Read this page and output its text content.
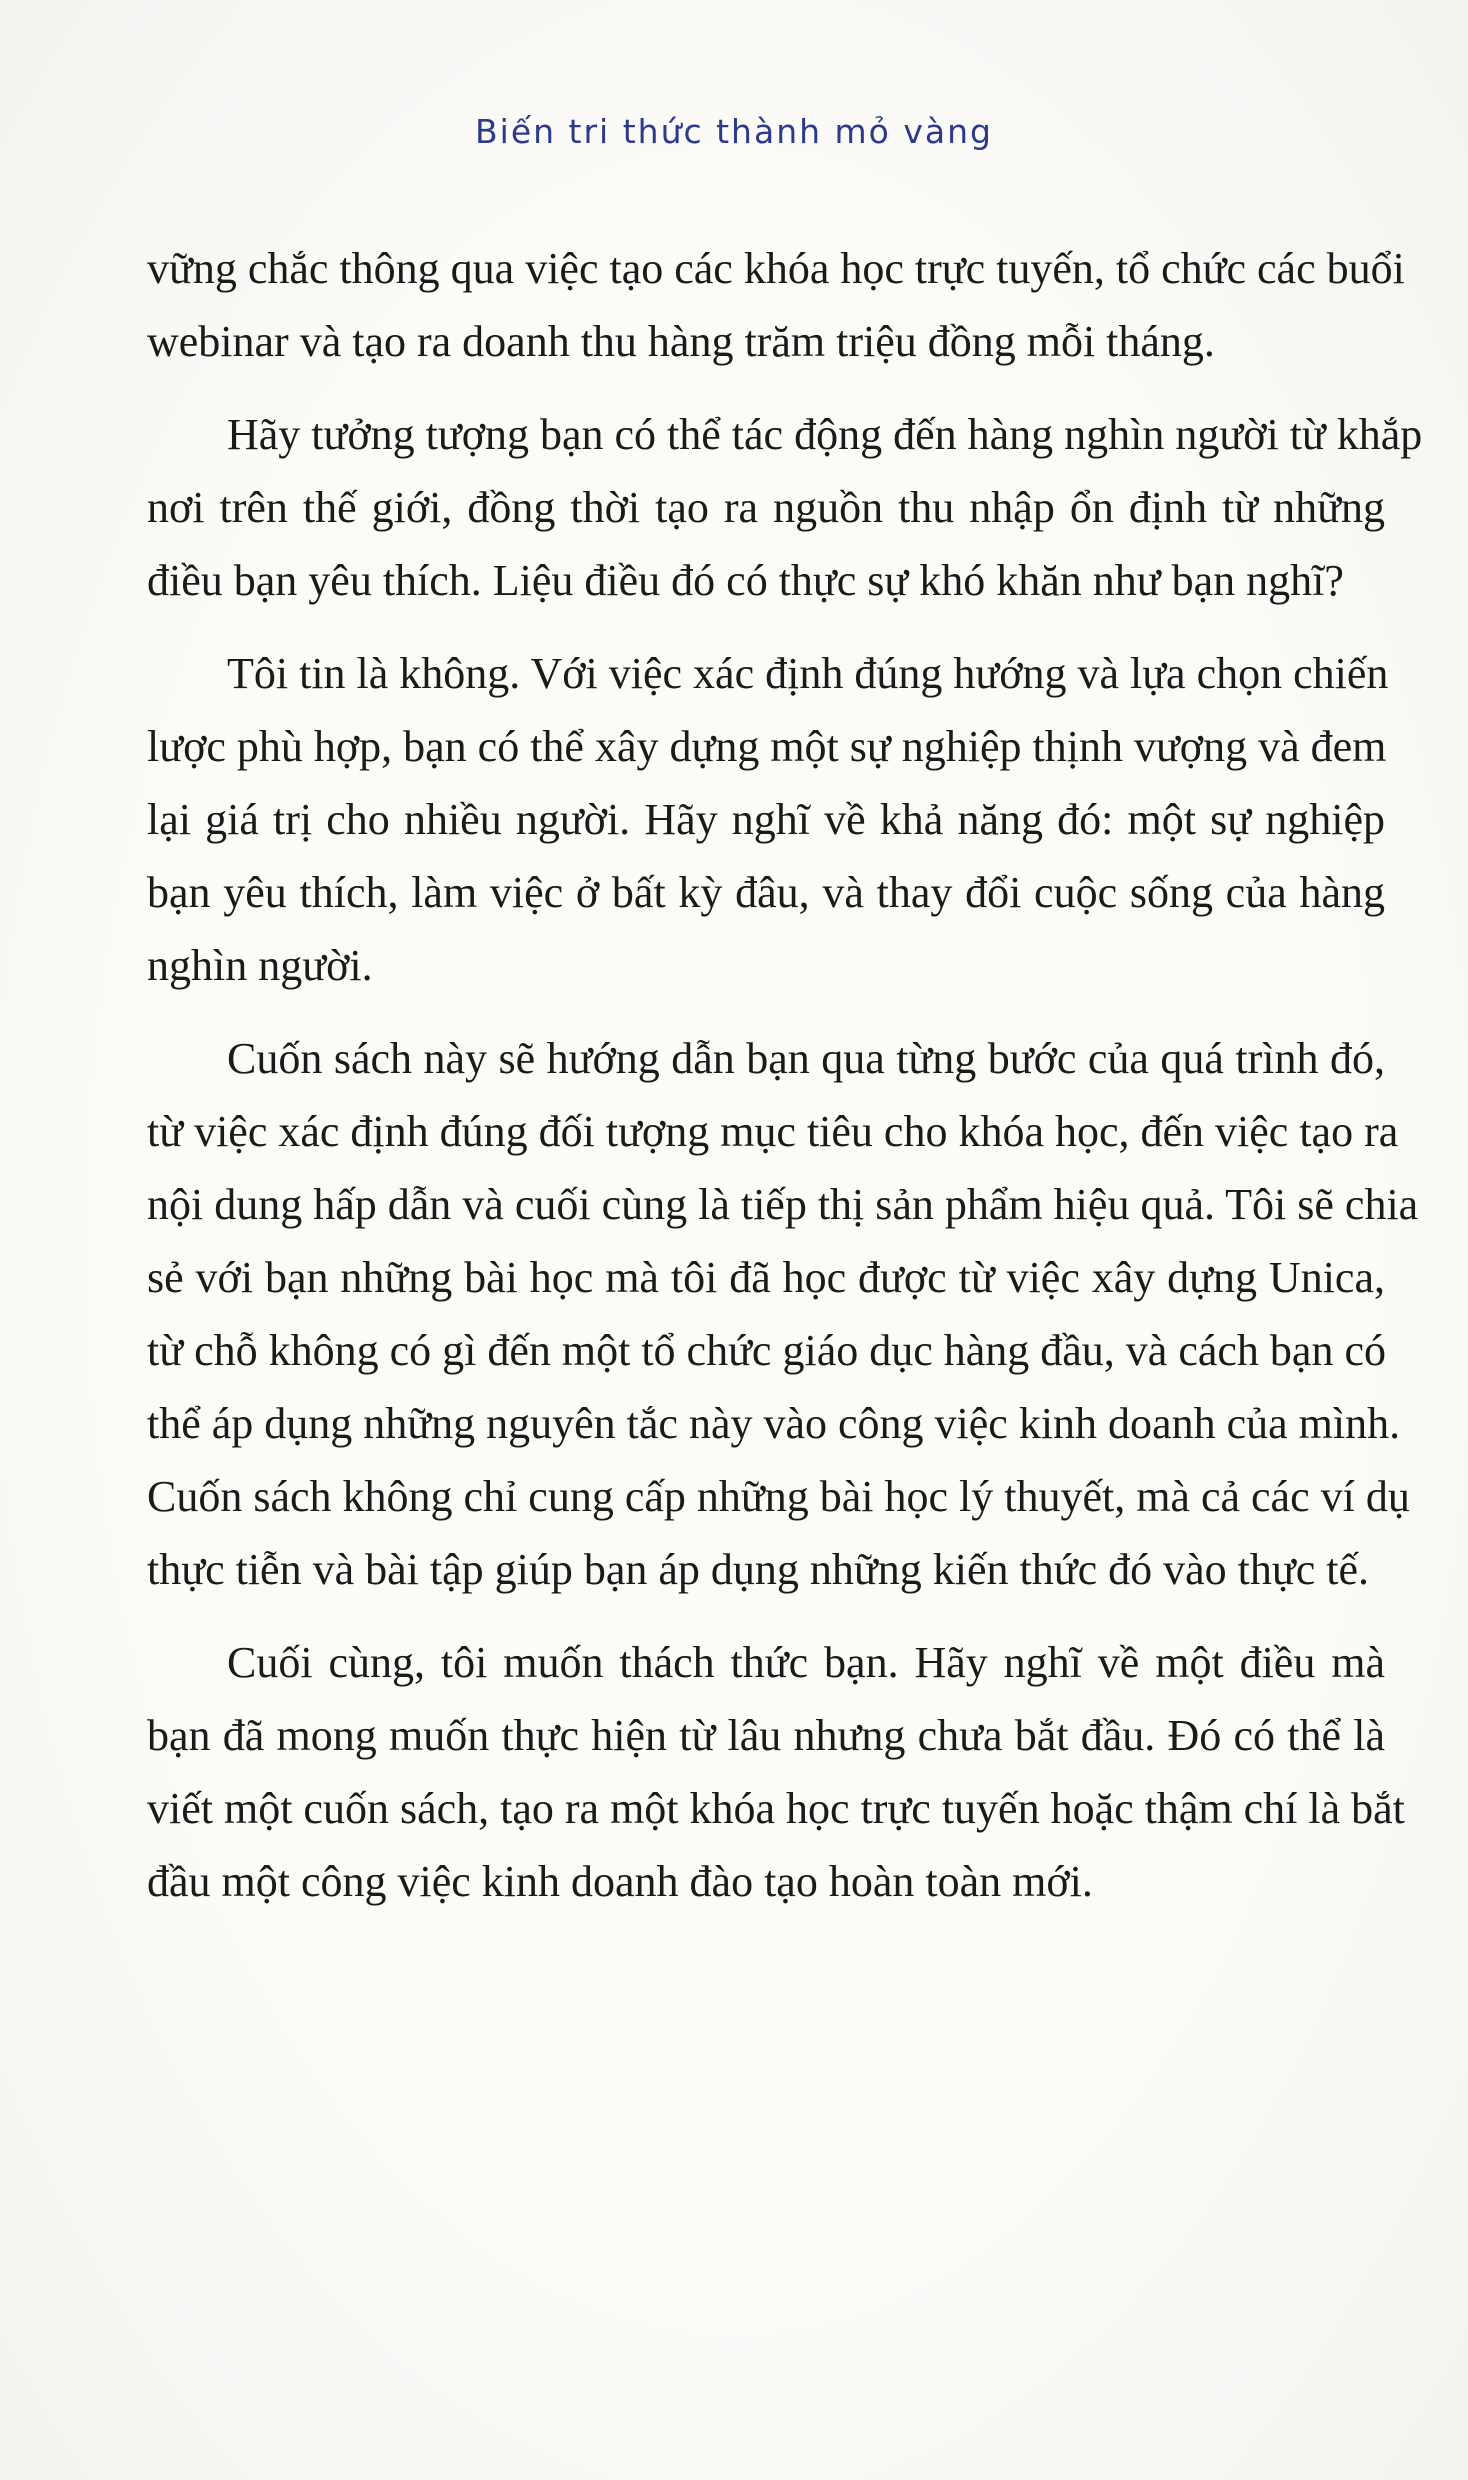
Biến tri thức thành mỏ vàng
vững chắc thông qua việc tạo các khóa học trực tuyến, tổ chức các buổi
webinar và tạo ra doanh thu hàng trăm triệu đồng mỗi tháng.
Hãy tưởng tượng bạn có thể tác động đến hàng nghìn người từ khắp
nơi trên thế giới, đồng thời tạo ra nguồn thu nhập ổn định từ những
điều bạn yêu thích. Liệu điều đó có thực sự khó khăn như bạn nghĩ?
Tôi tin là không. Với việc xác định đúng hướng và lựa chọn chiến
lược phù hợp, bạn có thể xây dựng một sự nghiệp thịnh vượng và đem
lại giá trị cho nhiều người. Hãy nghĩ về khả năng đó: một sự nghiệp
bạn yêu thích, làm việc ở bất kỳ đâu, và thay đổi cuộc sống của hàng
nghìn người.
Cuốn sách này sẽ hướng dẫn bạn qua từng bước của quá trình đó,
từ việc xác định đúng đối tượng mục tiêu cho khóa học, đến việc tạo ra
nội dung hấp dẫn và cuối cùng là tiếp thị sản phẩm hiệu quả. Tôi sẽ chia
sẻ với bạn những bài học mà tôi đã học được từ việc xây dựng Unica,
từ chỗ không có gì đến một tổ chức giáo dục hàng đầu, và cách bạn có
thể áp dụng những nguyên tắc này vào công việc kinh doanh của mình.
Cuốn sách không chỉ cung cấp những bài học lý thuyết, mà cả các ví dụ
thực tiễn và bài tập giúp bạn áp dụng những kiến thức đó vào thực tế.
Cuối cùng, tôi muốn thách thức bạn. Hãy nghĩ về một điều mà
bạn đã mong muốn thực hiện từ lâu nhưng chưa bắt đầu. Đó có thể là
viết một cuốn sách, tạo ra một khóa học trực tuyến hoặc thậm chí là bắt
đầu một công việc kinh doanh đào tạo hoàn toàn mới.
